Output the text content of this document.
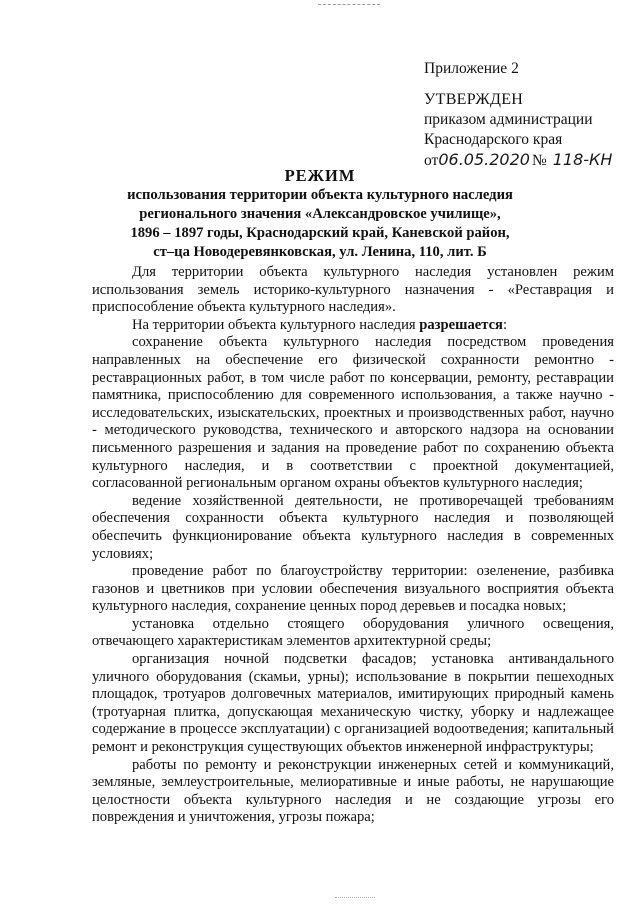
Приложение 2
УТВЕРЖДЕН
приказом администрации
Краснодарского края
от 06.05.2020 № 118-КН
РЕЖИМ
использования территории объекта культурного наследия
регионального значения «Александровское училище»,
1896 – 1897 годы, Краснодарский край, Каневской район,
ст–ца Новодеревянковская, ул. Ленина, 110, лит. Б

Для территории объекта культурного наследия установлен режим использования земель историко-культурного назначения - «Реставрация и приспособление объекта культурного наследия».

На территории объекта культурного наследия разрешается:

сохранение объекта культурного наследия посредством проведения направленных на обеспечение его физической сохранности ремонтно - реставрационных работ, в том числе работ по консервации, ремонту, реставрации памятника, приспособлению для современного использования, а также научно - исследовательских, изыскательских, проектных и производственных работ, научно - методического руководства, технического и авторского надзора на основании письменного разрешения и задания на проведение работ по сохранению объекта культурного наследия, и в соответствии с проектной документацией, согласованной региональным органом охраны объектов культурного наследия;

ведение хозяйственной деятельности, не противоречащей требованиям обеспечения сохранности объекта культурного наследия и позволяющей обеспечить функционирование объекта культурного наследия в современных условиях;

проведение работ по благоустройству территории: озеленение, разбивка газонов и цветников при условии обеспечения визуального восприятия объекта культурного наследия, сохранение ценных пород деревьев и посадка новых;

установка отдельно стоящего оборудования уличного освещения, отвечающего характеристикам элементов архитектурной среды;

организация ночной подсветки фасадов; установка антивандального уличного оборудования (скамьи, урны); использование в покрытии пешеходных площадок, тротуаров долговечных материалов, имитирующих природный камень (тротуарная плитка, допускающая механическую чистку, уборку и надлежащее содержание в процессе эксплуатации) с организацией водоотведения; капитальный ремонт и реконструкция существующих объектов инженерной инфраструктуры;

работы по ремонту и реконструкции инженерных сетей и коммуникаций, земляные, землеустроительные, мелиоративные и иные работы, не нарушающие целостности объекта культурного наследия и не создающие угрозы его повреждения и уничтожения, угрозы пожара;
